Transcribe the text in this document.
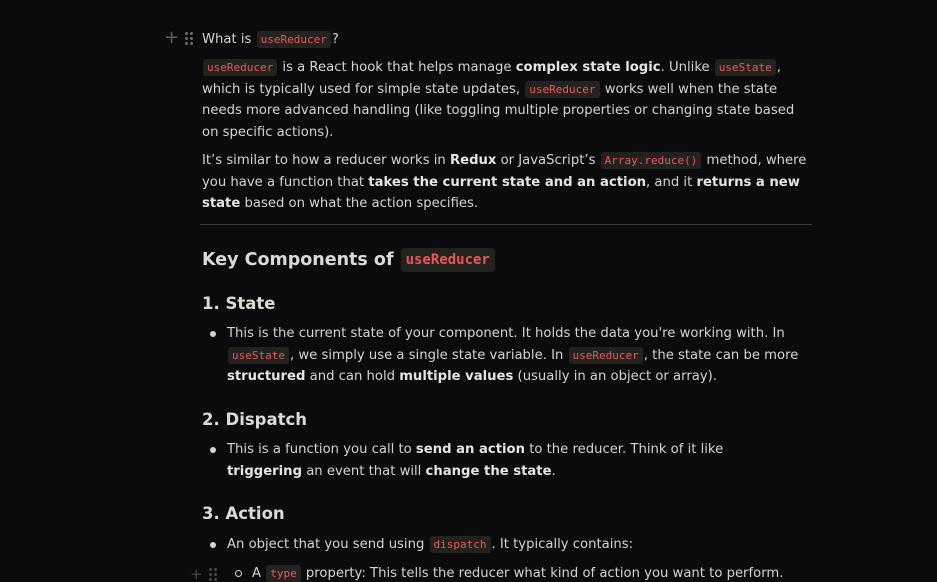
+ What is useReducer ?

useReducer is a React hook that helps manage complex state logic. Unlike useState , which is typically used for simple state updates, useReducer works well when the state needs more advanced handling (like toggling multiple properties or changing state based on specific actions).

It’s similar to how a reducer works in Redux or JavaScript’s Array.reduce() method, where you have a function that takes the current state and an action, and it returns a new state based on what the action specifies.

Key Components of useReducer
1. State
This is the current state of your component. It holds the data you're working with. In useState , we simply use a single state variable. In useReducer , the state can be more structured and can hold multiple values (usually in an object or array).
2. Dispatch
This is a function you call to send an action to the reducer. Think of it like triggering an event that will change the state.
3. Action
An object that you send using dispatch . It typically contains:
+	A type property: This tells the reducer what kind of action you want to perform.
